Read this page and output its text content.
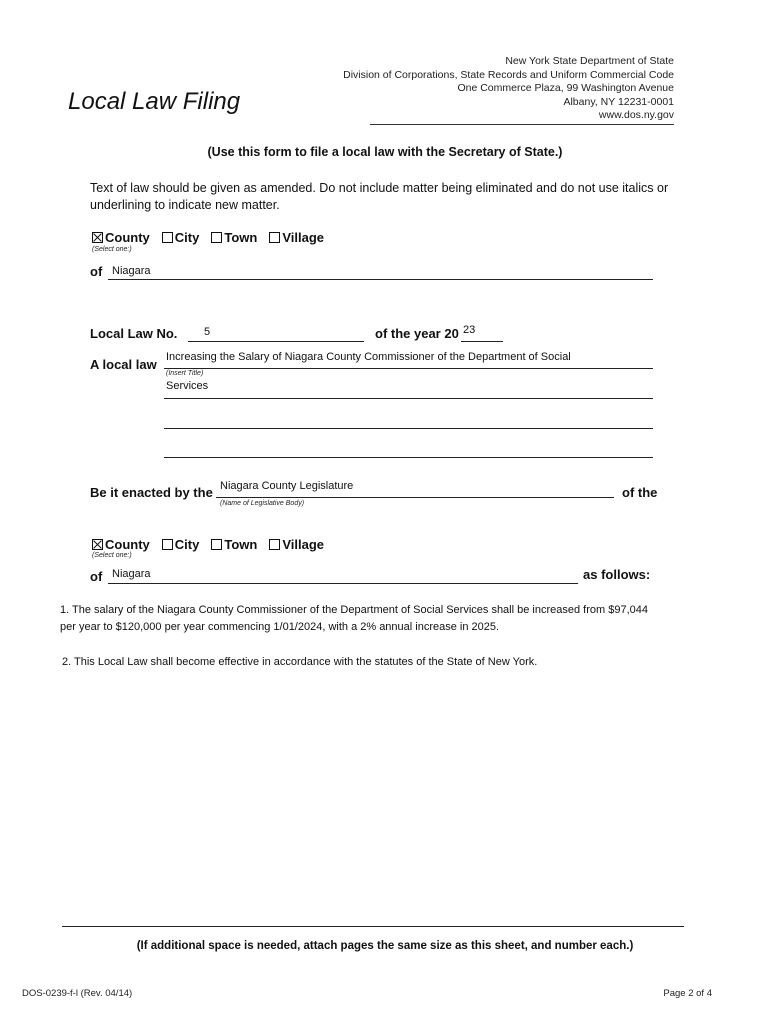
New York State Department of State
Division of Corporations, State Records and Uniform Commercial Code
One Commerce Plaza, 99 Washington Avenue
Albany, NY 12231-0001
www.dos.ny.gov
Local Law Filing
(Use this form to file a local law with the Secretary of State.)
Text of law should be given as amended. Do not include matter being eliminated and do not use italics or underlining to indicate new matter.
County City Town Village
(Select one:)
of Niagara
Local Law No. 5	of the year 20 23
A local law Increasing the Salary of Niagara County Commissioner of the Department of Social
(Insert Title)
Services
Be it enacted by the Niagara County Legislature
(Name of Legislative Body)
of the
County City Town Village
(Select one:)
of Niagara	as follows:
1. The salary of the Niagara County Commissioner of the Department of Social Services shall be increased from $97,044 per year to $120,000 per year commencing 1/01/2024, with a 2% annual increase in 2025.
2. This Local Law shall become effective in accordance with the statutes of the State of New York.
(If additional space is needed, attach pages the same size as this sheet, and number each.)
DOS-0239-f-l (Rev. 04/14)	Page 2 of 4
